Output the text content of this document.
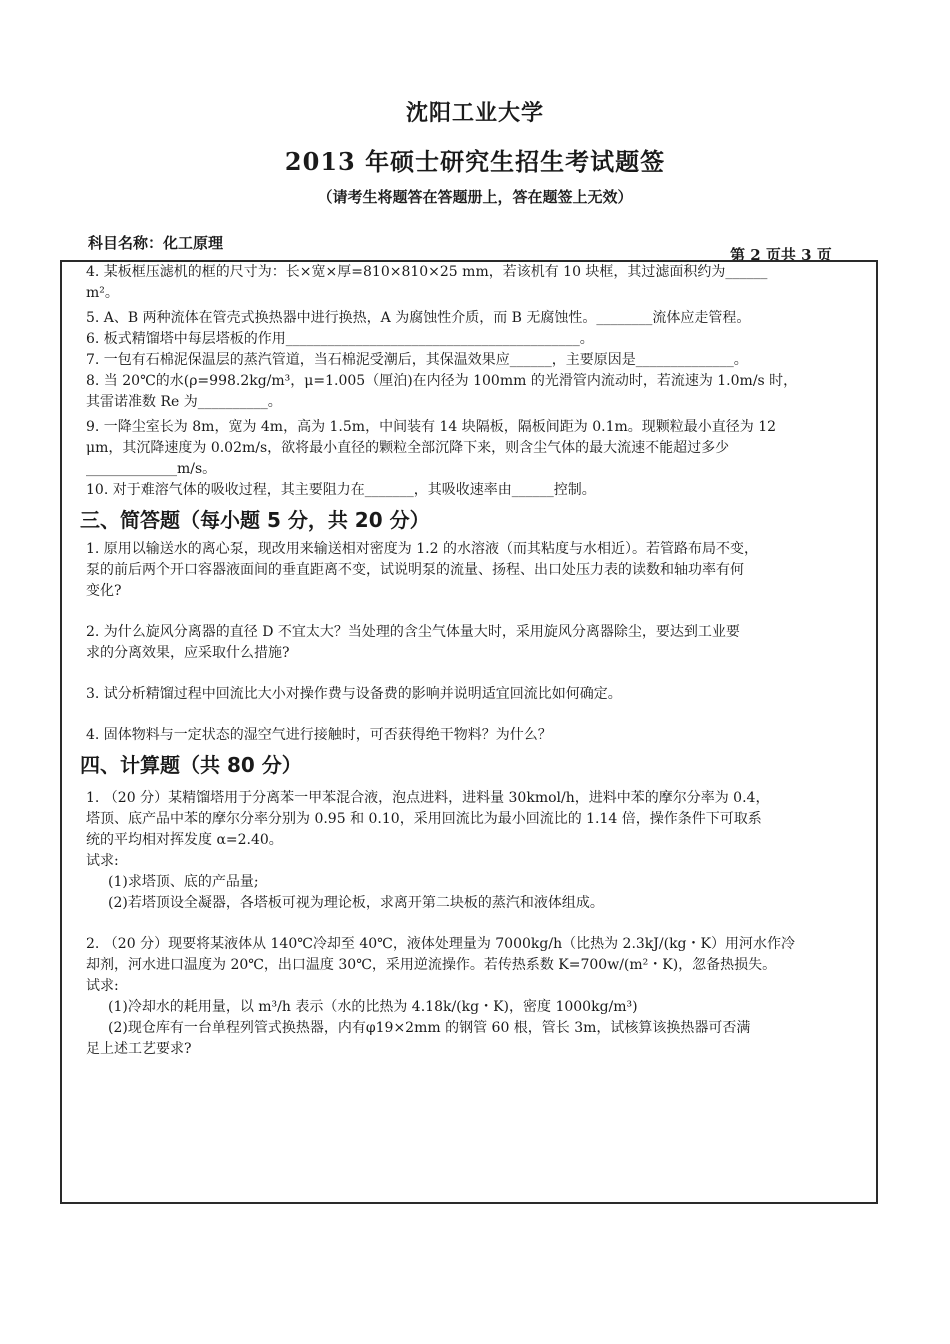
沈阳工业大学
2013 年硕士研究生招生考试题签
（请考生将题答在答题册上，答在题签上无效）
科目名称：化工原理
第 2 页共 3 页

4. 某板框压滤机的框的尺寸为：长×宽×厚=810×810×25 mm，若该机有 10 块框，其过滤面积约为______

m²。

5. A、B 两种流体在管壳式换热器中进行换热，A 为腐蚀性介质，而 B 无腐蚀性。________流体应走管程。

6. 板式精馏塔中每层塔板的作用__________________________________________。

7. 一包有石棉泥保温层的蒸汽管道，当石棉泥受潮后，其保温效果应______，主要原因是______________。

8. 当 20℃的水(ρ=998.2kg/m³，μ=1.005（厘泊)在内径为 100mm 的光滑管内流动时，若流速为 1.0m/s 时，

其雷诺准数 Re 为__________。

9. 一降尘室长为 8m，宽为 4m，高为 1.5m，中间装有 14 块隔板，隔板间距为 0.1m。现颗粒最小直径为 12

μm，其沉降速度为 0.02m/s，欲将最小直径的颗粒全部沉降下来，则含尘气体的最大流速不能超过多少

_____________m/s。

10. 对于难溶气体的吸收过程，其主要阻力在_______，其吸收速率由______控制。

三、简答题（每小题 5 分，共 20 分）

1. 原用以输送水的离心泵，现改用来输送相对密度为 1.2 的水溶液（而其粘度与水相近）。若管路布局不变，

泵的前后两个开口容器液面间的垂直距离不变，试说明泵的流量、扬程、出口处压力表的读数和轴功率有何

变化?

2. 为什么旋风分离器的直径 D 不宜太大？当处理的含尘气体量大时，采用旋风分离器除尘，要达到工业要

求的分离效果，应采取什么措施?

3. 试分析精馏过程中回流比大小对操作费与设备费的影响并说明适宜回流比如何确定。

4. 固体物料与一定状态的湿空气进行接触时，可否获得绝干物料？为什么？

四、计算题（共 80 分）

1. （20 分）某精馏塔用于分离苯一甲苯混合液，泡点进料，进料量 30kmol/h，进料中苯的摩尔分率为 0.4，

塔顶、底产品中苯的摩尔分率分别为 0.95 和 0.10，采用回流比为最小回流比的 1.14 倍，操作条件下可取系

统的平均相对挥发度 α=2.40。

试求:

(1)求塔顶、底的产品量;

(2)若塔顶设全凝器，各塔板可视为理论板，求离开第二块板的蒸汽和液体组成。

2. （20 分）现要将某液体从 140℃冷却至 40℃，液体处理量为 7000kg/h（比热为 2.3kJ/(kg・K）用河水作冷

却剂，河水进口温度为 20℃，出口温度 30℃，采用逆流操作。若传热系数 K=700w/(m²・K)，忽备热损失。

试求:

(1)冷却水的耗用量，以 m³/h 表示（水的比热为 4.18k/(kg・K)，密度 1000kg/m³)

(2)现仓库有一台单程列管式换热器，内有φ19×2mm 的钢管 60 根，管长 3m，试核算该换热器可否满

足上述工艺要求?
